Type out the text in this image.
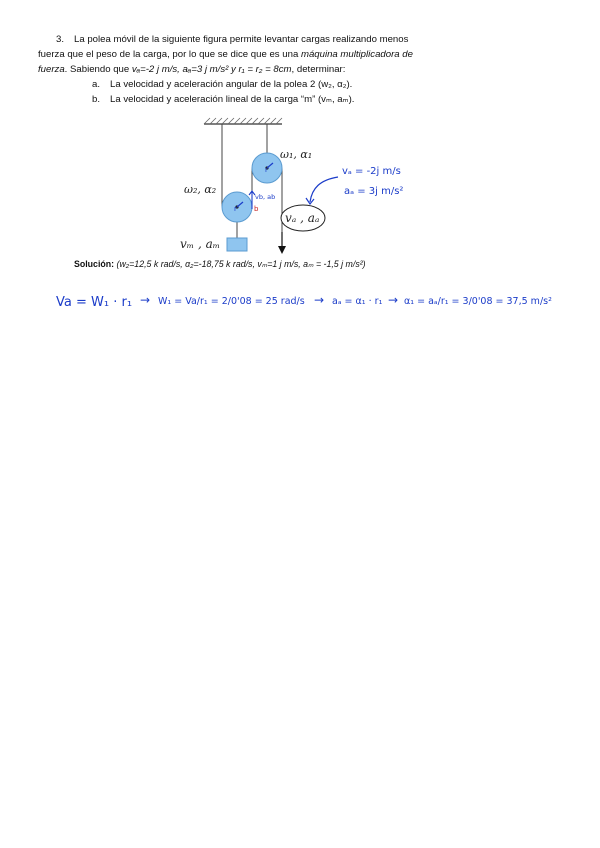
3. La polea móvil de la siguiente figura permite levantar cargas realizando menos

fuerza que el peso de la carga, por lo que se dice que es una máquina multiplicadora de

fuerza. Sabiendo que vₐ=-2 j m/s, aₐ=3 j m/s² y r₁ = r₂ = 8cm, determinar:

a. La velocidad y aceleración angular de la polea 2 (w₂, α₂).

b. La velocidad y aceleración lineal de la carga “m” (vₘ, aₘ).

r
r
vb, ab
b
ω₁, α₁
ω₂, α₂
vₐ , aₐ
vₘ , aₘ
vₐ = -2j m/s
aₐ = 3j m/s²
Solución: (w₂=12,5 k rad/s, α₂=-18,75 k rad/s, vₘ=1 j m/s, aₘ = -1,5 j m/s²)
Va = W₁ · r₁ → W₁ = Va/r₁ = 2/0'08 = 25 rad/s → aₐ = α₁ · r₁ → α₁ = aₐ/r₁ = 3/0'08 = 37,5 m/s²
